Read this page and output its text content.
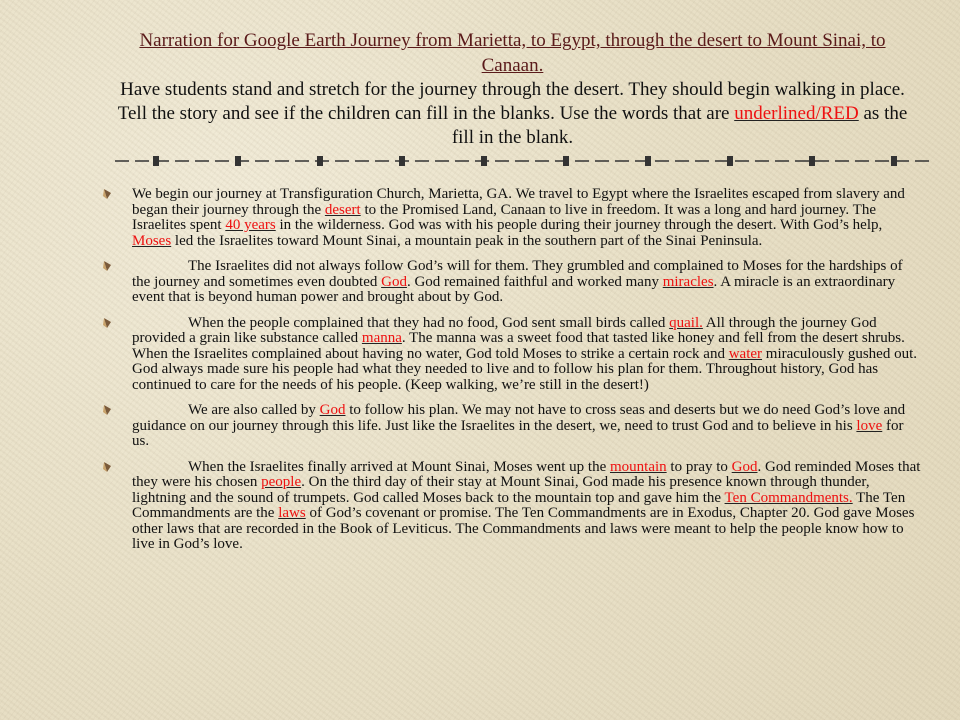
Narration for Google Earth Journey from Marietta, to Egypt, through the desert to Mount Sinai, to Canaan.
Have students stand and stretch for the journey through the desert. They should begin walking in place. Tell the story and see if the children can fill in the blanks. Use the words that are underlined/RED as the fill in the blank.
We begin our journey at Transfiguration Church, Marietta, GA. We travel to Egypt where the Israelites escaped from slavery and began their journey through the desert to the Promised Land, Canaan to live in freedom. It was a long and hard journey. The Israelites spent 40 years in the wilderness. God was with his people during their journey through the desert. With God’s help, Moses led the Israelites toward Mount Sinai, a mountain peak in the southern part of the Sinai Peninsula.
The Israelites did not always follow God’s will for them. They grumbled and complained to Moses for the hardships of the journey and sometimes even doubted God. God remained faithful and worked many miracles. A miracle is an extraordinary event that is beyond human power and brought about by God.
When the people complained that they had no food, God sent small birds called quail. All through the journey God provided a grain like substance called manna. The manna was a sweet food that tasted like honey and fell from the desert shrubs. When the Israelites complained about having no water, God told Moses to strike a certain rock and water miraculously gushed out. God always made sure his people had what they needed to live and to follow his plan for them. Throughout history, God has continued to care for the needs of his people. (Keep walking, we’re still in the desert!)
We are also called by God to follow his plan. We may not have to cross seas and deserts but we do need God’s love and guidance on our journey through this life. Just like the Israelites in the desert, we, need to trust God and to believe in his love for us.
When the Israelites finally arrived at Mount Sinai, Moses went up the mountain to pray to God. God reminded Moses that they were his chosen people. On the third day of their stay at Mount Sinai, God made his presence known through thunder, lightning and the sound of trumpets. God called Moses back to the mountain top and gave him the Ten Commandments. The Ten Commandments are the laws of God’s covenant or promise. The Ten Commandments are in Exodus, Chapter 20. God gave Moses other laws that are recorded in the Book of Leviticus. The Commandments and laws were meant to help the people know how to live in God’s love.
